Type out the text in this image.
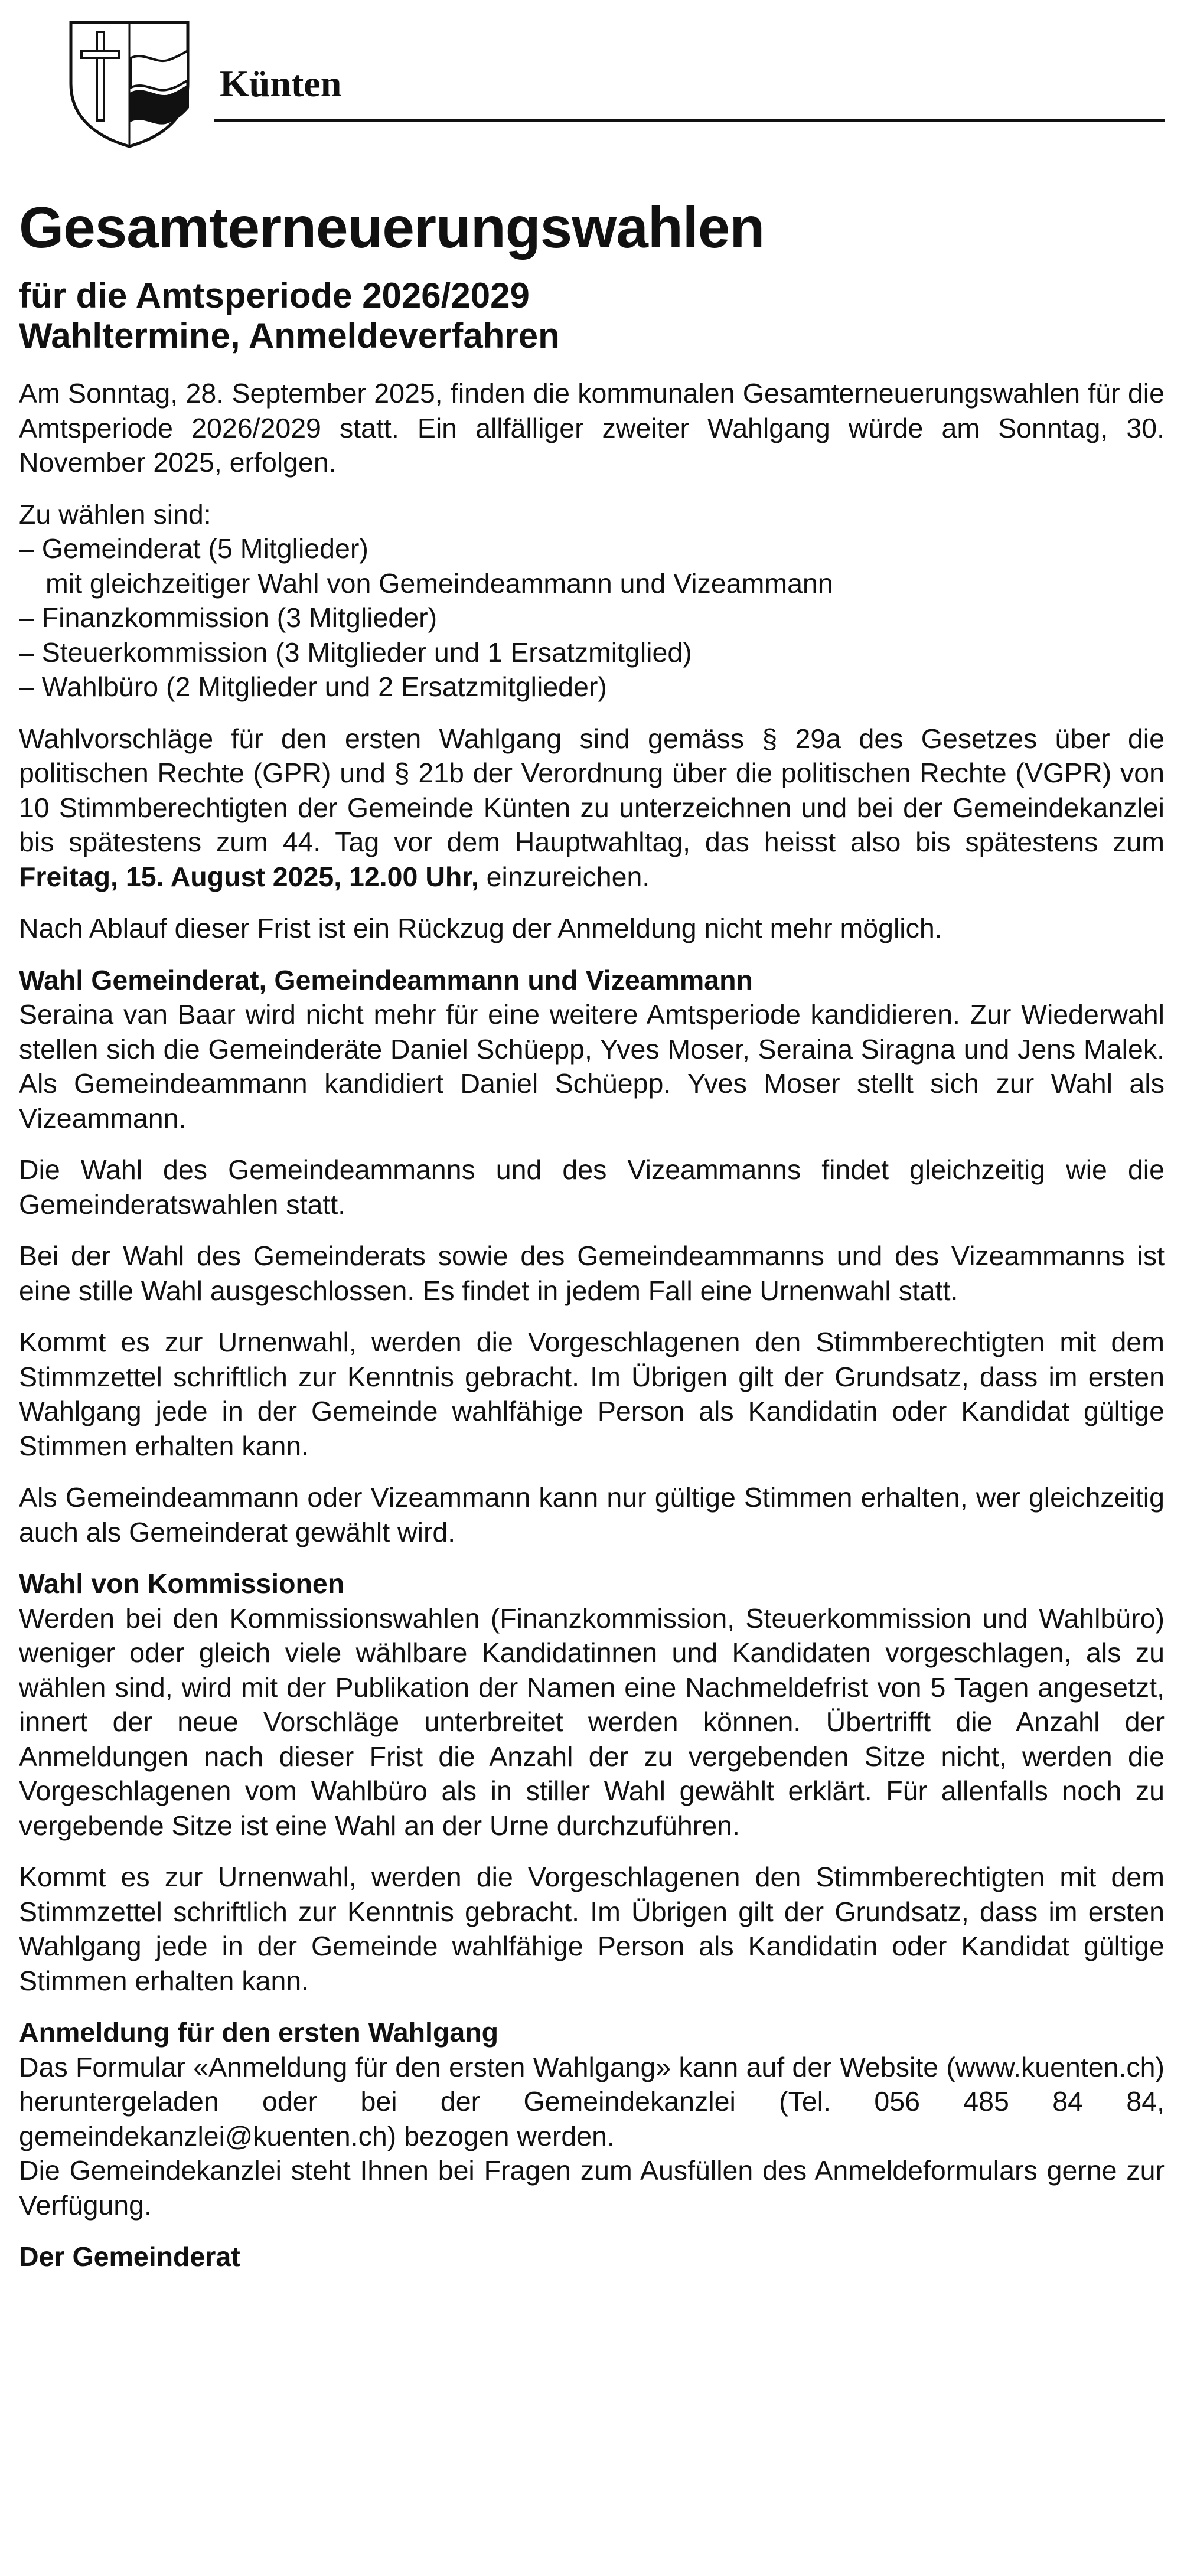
Künten
Gesamterneuerungswahlen
für die Amtsperiode 2026/2029
Wahltermine, Anmeldeverfahren

Am Sonntag, 28. September 2025, finden die kommunalen Gesamterneuerungswahlen für die Amtsperiode 2026/2029 statt. Ein allfälliger zweiter Wahlgang würde am Sonntag, 30. November 2025, erfolgen.

Zu wählen sind:
– Gemeinderat (5 Mitglieder)
mit gleichzeitiger Wahl von Gemeindeammann und Vizeammann
– Finanzkommission (3 Mitglieder)
– Steuerkommission (3 Mitglieder und 1 Ersatzmitglied)
– Wahlbüro (2 Mitglieder und 2 Ersatzmitglieder)

Wahlvorschläge für den ersten Wahlgang sind gemäss § 29a des Gesetzes über die politischen Rechte (GPR) und § 21b der Verordnung über die politischen Rechte (VGPR) von 10 Stimmberechtigten der Gemeinde Künten zu unterzeichnen und bei der Gemeindekanzlei bis spätestens zum 44. Tag vor dem Hauptwahltag, das heisst also bis spätestens zum Freitag, 15. August 2025, 12.00 Uhr, einzureichen.

Nach Ablauf dieser Frist ist ein Rückzug der Anmeldung nicht mehr möglich.

Wahl Gemeinderat, Gemeindeammann und Vizeammann
Seraina van Baar wird nicht mehr für eine weitere Amtsperiode kandidieren. Zur Wiederwahl stellen sich die Gemeinderäte Daniel Schüepp, Yves Moser, Seraina Siragna und Jens Malek. Als Gemeindeammann kandidiert Daniel Schüepp. Yves Moser stellt sich zur Wahl als Vizeammann.

Die Wahl des Gemeindeammanns und des Vizeammanns findet gleichzeitig wie die Gemeinderatswahlen statt.

Bei der Wahl des Gemeinderats sowie des Gemeindeammanns und des Vizeammanns ist eine stille Wahl ausgeschlossen. Es findet in jedem Fall eine Urnenwahl statt.

Kommt es zur Urnenwahl, werden die Vorgeschlagenen den Stimmberechtigten mit dem Stimmzettel schriftlich zur Kenntnis gebracht. Im Übrigen gilt der Grundsatz, dass im ersten Wahlgang jede in der Gemeinde wahlfähige Person als Kandidatin oder Kandidat gültige Stimmen erhalten kann.

Als Gemeindeammann oder Vizeammann kann nur gültige Stimmen erhalten, wer gleichzeitig auch als Gemeinderat gewählt wird.

Wahl von Kommissionen
Werden bei den Kommissionswahlen (Finanzkommission, Steuerkommission und Wahlbüro) weniger oder gleich viele wählbare Kandidatinnen und Kandidaten vorgeschlagen, als zu wählen sind, wird mit der Publikation der Namen eine Nachmeldefrist von 5 Tagen angesetzt, innert der neue Vorschläge unterbreitet werden können. Übertrifft die Anzahl der Anmeldungen nach dieser Frist die Anzahl der zu vergebenden Sitze nicht, werden die Vorgeschlagenen vom Wahlbüro als in stiller Wahl gewählt erklärt. Für allenfalls noch zu vergebende Sitze ist eine Wahl an der Urne durchzuführen.

Kommt es zur Urnenwahl, werden die Vorgeschlagenen den Stimmberechtigten mit dem Stimmzettel schriftlich zur Kenntnis gebracht. Im Übrigen gilt der Grundsatz, dass im ersten Wahlgang jede in der Gemeinde wahlfähige Person als Kandidatin oder Kandidat gültige Stimmen erhalten kann.

Anmeldung für den ersten Wahlgang
Das Formular «Anmeldung für den ersten Wahlgang» kann auf der Website (www.kuenten.ch) heruntergeladen oder bei der Gemeindekanzlei (Tel. 056 485 84 84, gemeindekanzlei@kuenten.ch) bezogen werden.
Die Gemeindekanzlei steht Ihnen bei Fragen zum Ausfüllen des Anmeldeformulars gerne zur Verfügung.

Der Gemeinderat
